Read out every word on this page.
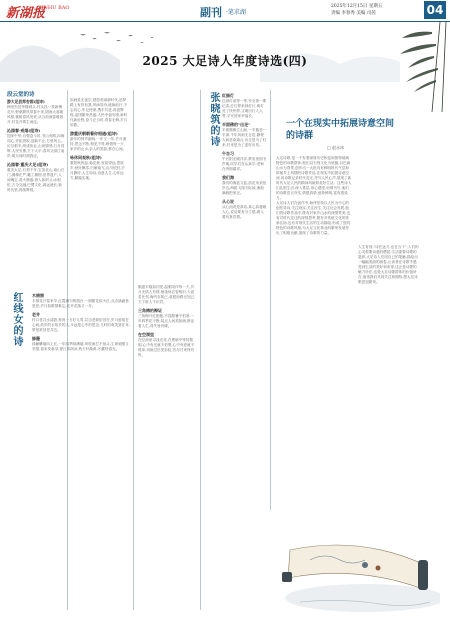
新湖报
XINHU BAO	副刊 ·笔求湖
2025年12月15日 星期五
责编 李春秀 美编 司茜	04
2025 大足诗人年度诗选(四)
段云堂的诗
游大足县邦杏园(组诗)
韩世杰扶华楼城头,村头挂一枝新梅花开,野桑蕨风带春小来,阴雨大寒朝风树,桃树春风发来,从当前流春暖意开,村花开雾生雨连。
沁园春·戒烟(组诗)
国家中华,自强奋斗时,书山有路,四海同心,开拓进取,创新不止,万里风云,历尽艰辛,终成伟业,山河锦绣,日月同辉,人民安康,天下太平,春风又绿江南岸,明月何时照我还。
沁园春·重庆大足(组诗)
重庆大足,石刻千年,宝顶北山,南山石门,佛像庄严,雕工精细,世界遗产,人间瑰宝,香火鼎盛,游人如织,山水相依,古今交融,巴蜀文化,源远流长,新时代里,再续辉煌。
如画星光夜空,感恩美丽新时代,追梦路上有你有我,风雨同舟,砥砺前行,不忘初心,牢记使命,携手共进,再创辉煌,祖国繁荣昌盛,人民幸福安康,新时代新征程,奋斗正当时,青春无悔,岁月如歌。
游重庆朝朝看你相遇(组诗)
新年的钟声敲响,一年又一年,岁月流转,思念不断,相见不易,珍惜每一天,家乡的山水,亲人的笑脸,都在心间。
咏休闲观秋(组诗)
重阳秋风起,菊花黄,登高望远,思故乡,秋叶飘零,归雁南飞,山川依旧,岁月静好,人生如诗,诗意人生,心怀远方,脚踏实地。
红线女的诗	木棉窗
木棉花开春来早,红霞满天映窗台,一树繁花似火红,点点滴滴皆是爱,岁月如歌情难忘,花开花落又一年。
老井
村口老井水清甜,养育一方好儿男,井边老树依旧在,岁月留痕在心间,故乡的水故乡的人,永远是心中的思念,儿时的欢笑犹在耳,梦里常回老井边。
绿藤
绿藤攀墙向上长,一年四季绿满墙,风吹雨打不低头,生命顽强又坚强,春来发新芽,夏日浓荫凉,秋天叶渐黄,冬藏待春光。
顺遂平稳如初见,温柔陪伴每一天,岁月无情人有情,相逢何必曾相识,天涯若比邻,海内存知己,莫愁前路无知己,天下谁人不识君。
三角梅的辩证
三角梅开红艳艳,不畏酷暑不怕寒,一年四季花不断,装点人间美如画,辩证看人生,得失皆有缘。
在空洞里
在空洞里寻找光亮,在黑暗中等待黎明,心中有光就不怕黑,心中有爱就不孤单,风雨过后见彩虹,苦尽甘来终有时。
张晓筑的诗 红绿灯
红绿灯前等一等,安全第一要记清,红灯停来绿灯行,黄灯亮了快快停,文明出行人人赞,平安回家幸福长。
半面佛的"出走"
半面佛像立山间,一半慈悲一半禅,千年风雨无言语,静观人间悲欢离合,出走是为了归来,归来是为了更好出发。
午自习
午后阳光暖洋洋,教室里面书声朗,同学们在认真学,老师在旁细端详。
我们海
我们的海蓝又蓝,浪花朵朵拍岸边,海鸥飞翔天际间,渔船满载把家还。
从心说
从心而说是真话,真心真意暖人心,说话要有分寸感,做人要有真性情。
一个在现实中拓展诗意空间的诗群
□ 赵永冰
大足诗歌,是一个有着深厚历史积淀和独特地域特色的诗歌群体,他们以石刻文化为底蕴,以巴渝山水为背景,创作出一大批具有鲜明时代气息和浓郁乡土风情的诗歌作品,在现实中拓展诗意空间,用诗歌记录时代变迁,抒写人民心声,展现了新时代大足人民的精神风貌和美好生活。这些诗人们扎根生活,深入基层,用心感受,用情书写,他们的诗歌语言朴实,情感真挚,意象鲜明,富有感染力。
大足诗人们在创作中,始终坚持以人民为中心的创作导向,关注现实,关注民生,关注社会发展,他们的诗歌作品中,既有对家乡山水的深情赞美,也有对时代变迁的深刻思考,既有对传统文化的传承弘扬,也有对现代生活的生动描绘,形成了独具特色的诗歌风格,为大足文化事业的繁荣发展作出了积极贡献,展现了诗歌的力量。
人生有别,"诗在远方,也在当下",人们的心灵需要诗意的栖居,生活需要诗歌的滋养,大足诗人们用自己的笔触,描绘出一幅幅美丽的画卷,让读者在诗歌中感受到生活的美好和希望,这正是诗歌的魅力所在,也是大足诗歌群体的价值所在,值得我们共同关注和期待,愿大足诗歌更加繁荣。
